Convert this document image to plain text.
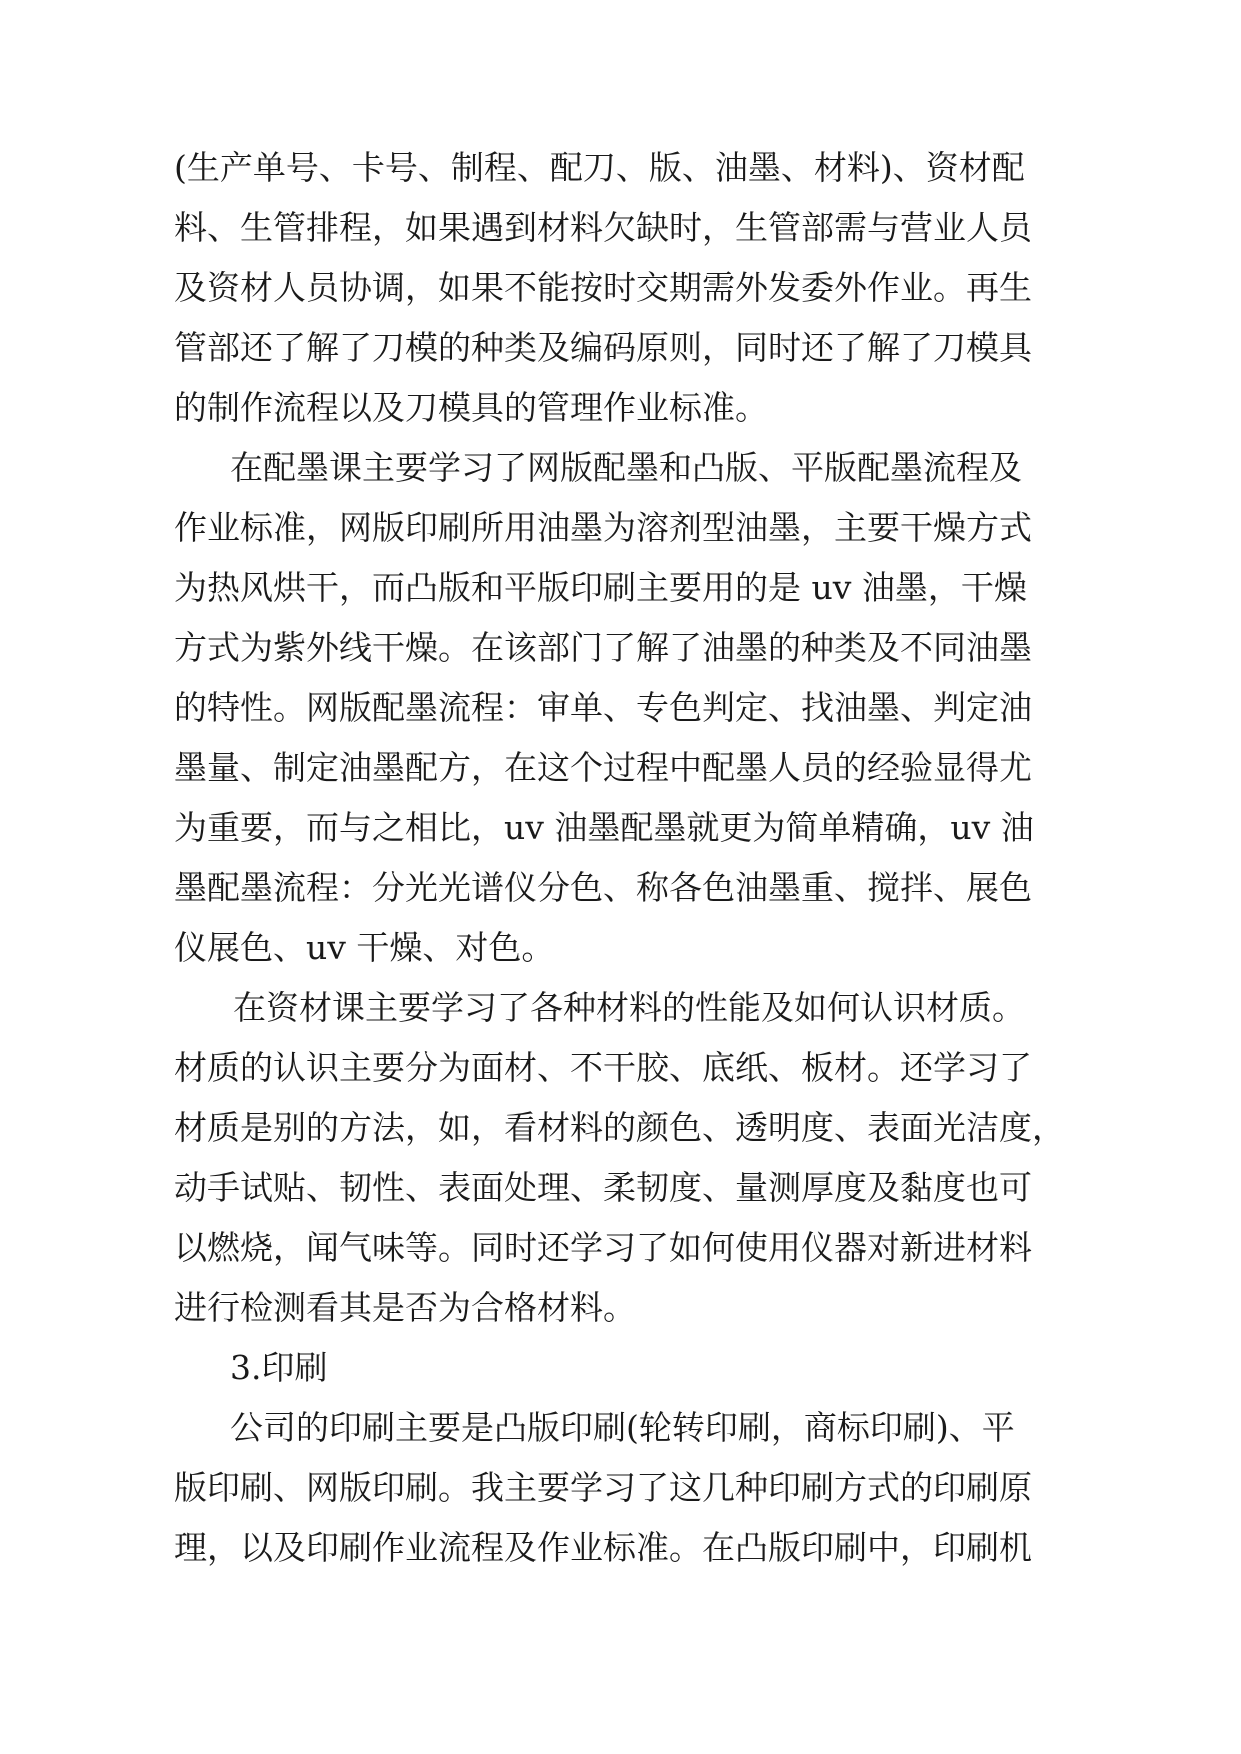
(生产单号、卡号、制程、配刀、版、油墨、材料)、资材配
料、生管排程，如果遇到材料欠缺时，生管部需与营业人员
及资材人员协调，如果不能按时交期需外发委外作业。再生
管部还了解了刀模的种类及编码原则，同时还了解了刀模具
的制作流程以及刀模具的管理作业标准。
在配墨课主要学习了网版配墨和凸版、平版配墨流程及
作业标准，网版印刷所用油墨为溶剂型油墨，主要干燥方式
为热风烘干，而凸版和平版印刷主要用的是 uv 油墨，干燥
方式为紫外线干燥。在该部门了解了油墨的种类及不同油墨
的特性。网版配墨流程：审单、专色判定、找油墨、判定油
墨量、制定油墨配方，在这个过程中配墨人员的经验显得尤
为重要，而与之相比，uv 油墨配墨就更为简单精确，uv 油
墨配墨流程：分光光谱仪分色、称各色油墨重、搅拌、展色
仪展色、uv 干燥、对色。
在资材课主要学习了各种材料的性能及如何认识材质。
材质的认识主要分为面材、不干胶、底纸、板材。还学习了
材质是别的方法，如，看材料的颜色、透明度、表面光洁度，
动手试贴、韧性、表面处理、柔韧度、量测厚度及黏度也可
以燃烧，闻气味等。同时还学习了如何使用仪器对新进材料
进行检测看其是否为合格材料。
3.印刷
公司的印刷主要是凸版印刷(轮转印刷，商标印刷)、平
版印刷、网版印刷。我主要学习了这几种印刷方式的印刷原
理，以及印刷作业流程及作业标准。在凸版印刷中，印刷机
